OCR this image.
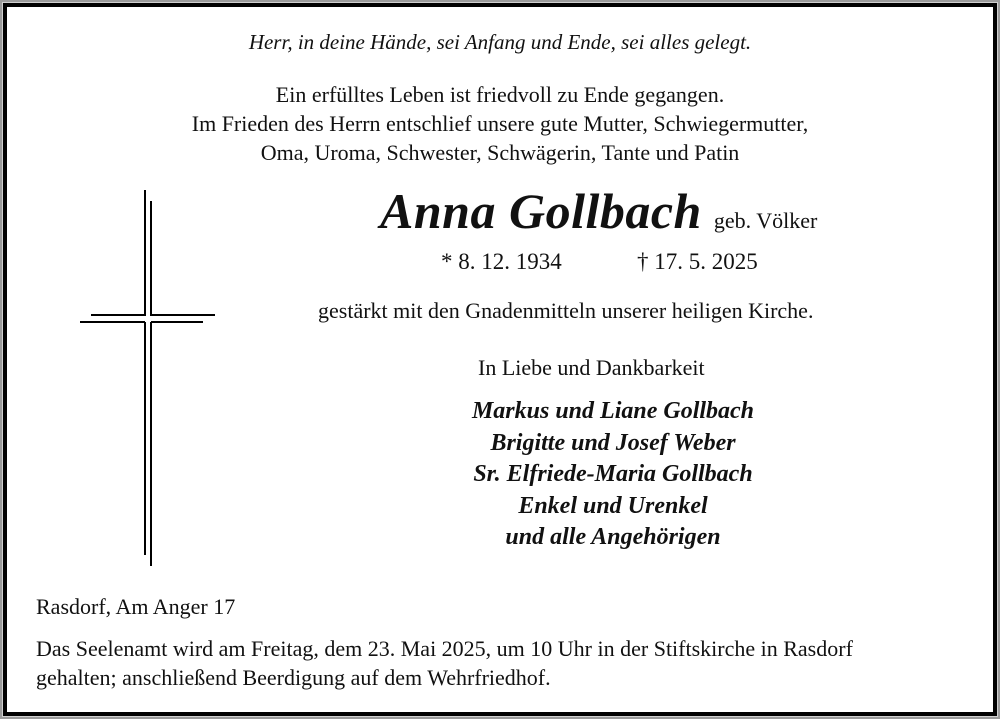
Herr, in deine Hände, sei Anfang und Ende, sei alles gelegt.
Ein erfülltes Leben ist friedvoll zu Ende gegangen.
Im Frieden des Herrn entschlief unsere gute Mutter, Schwiegermutter,
Oma, Uroma, Schwester, Schwägerin, Tante und Patin
Anna Gollbach geb. Völker
* 8. 12. 1934	† 17. 5. 2025
gestärkt mit den Gnadenmitteln unserer heiligen Kirche.
In Liebe und Dankbarkeit
Markus und Liane Gollbach
Brigitte und Josef Weber
Sr. Elfriede-Maria Gollbach
Enkel und Urenkel
und alle Angehörigen
Rasdorf, Am Anger 17
Das Seelenamt wird am Freitag, dem 23. Mai 2025, um 10 Uhr in der Stiftskirche in Rasdorf
gehalten; anschließend Beerdigung auf dem Wehrfriedhof.
